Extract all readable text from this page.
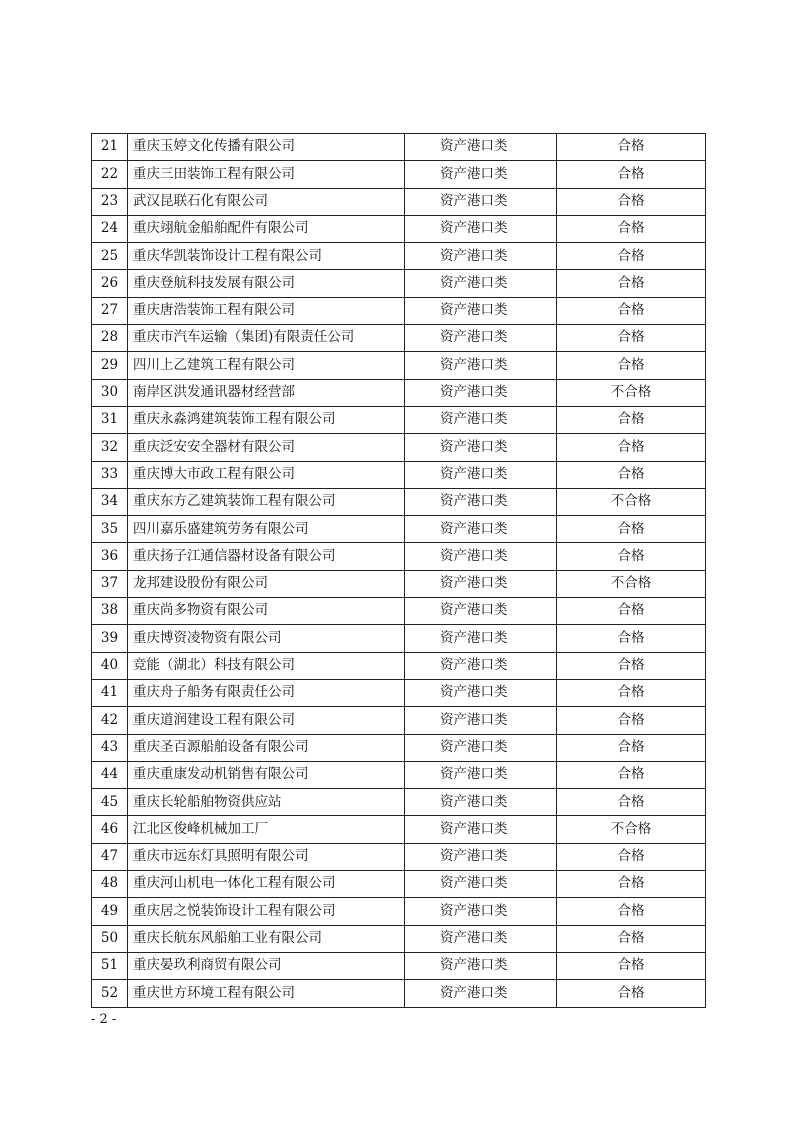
21	重庆玉婷文化传播有限公司	资产港口类	合格
22	重庆三田装饰工程有限公司	资产港口类	合格
23	武汉昆联石化有限公司	资产港口类	合格
24	重庆翊航金船舶配件有限公司	资产港口类	合格
25	重庆华凯装饰设计工程有限公司	资产港口类	合格
26	重庆登航科技发展有限公司	资产港口类	合格
27	重庆唐浩装饰工程有限公司	资产港口类	合格
28	重庆市汽车运输（集团)有限责任公司	资产港口类	合格
29	四川上乙建筑工程有限公司	资产港口类	合格
30	南岸区洪发通讯器材经营部	资产港口类	不合格
31	重庆永淼鸿建筑装饰工程有限公司	资产港口类	合格
32	重庆泛安安全器材有限公司	资产港口类	合格
33	重庆博大市政工程有限公司	资产港口类	合格
34	重庆东方乙建筑装饰工程有限公司	资产港口类	不合格
35	四川嘉乐盛建筑劳务有限公司	资产港口类	合格
36	重庆扬子江通信器材设备有限公司	资产港口类	合格
37	龙邦建设股份有限公司	资产港口类	不合格
38	重庆尚多物资有限公司	资产港口类	合格
39	重庆博资凌物资有限公司	资产港口类	合格
40	竞能（湖北）科技有限公司	资产港口类	合格
41	重庆舟子船务有限责任公司	资产港口类	合格
42	重庆道润建设工程有限公司	资产港口类	合格
43	重庆圣百源船舶设备有限公司	资产港口类	合格
44	重庆重康发动机销售有限公司	资产港口类	合格
45	重庆长轮船舶物资供应站	资产港口类	合格
46	江北区俊峰机械加工厂	资产港口类	不合格
47	重庆市远东灯具照明有限公司	资产港口类	合格
48	重庆河山机电一体化工程有限公司	资产港口类	合格
49	重庆居之悦装饰设计工程有限公司	资产港口类	合格
50	重庆长航东风船舶工业有限公司	资产港口类	合格
51	重庆晏玖利商贸有限公司	资产港口类	合格
52	重庆世方环境工程有限公司	资产港口类	合格
- 2 -
